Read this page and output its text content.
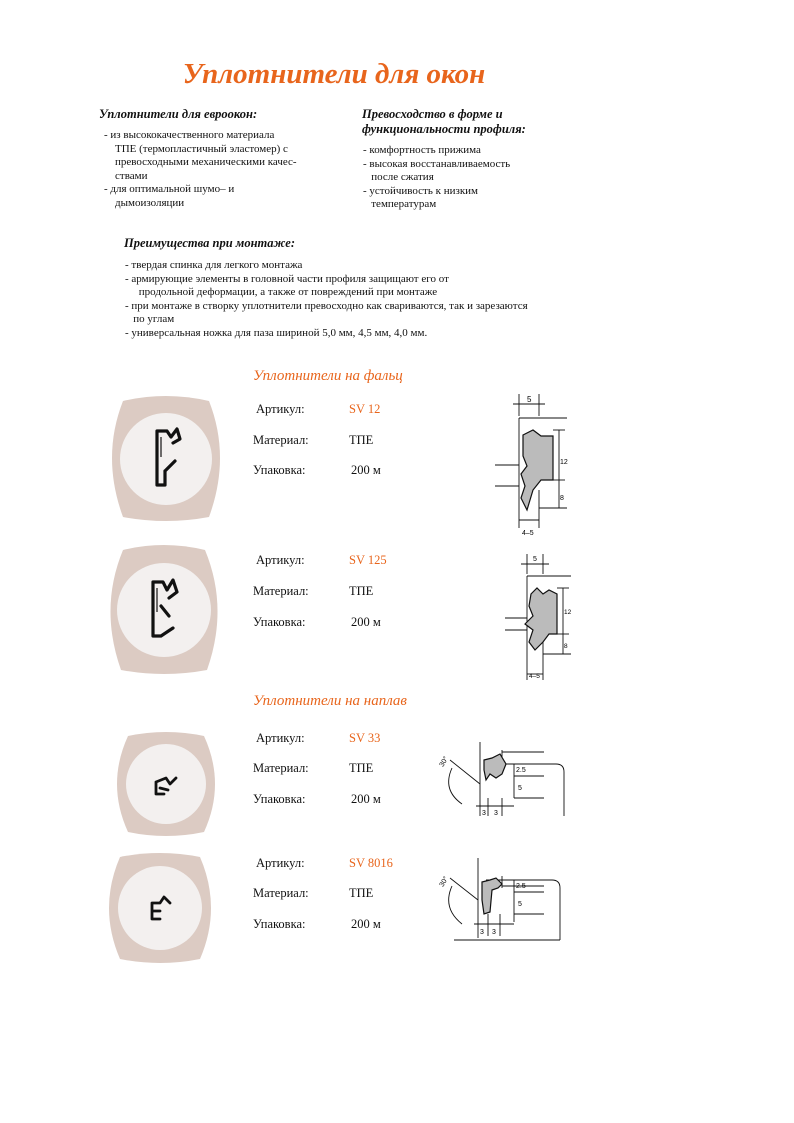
Уплотнители для окон
Уплотнители для евроокон:
- из высококачественного материала
ТПЕ (термопластичный эластомер) с
превосходными механическими качес-
ствами
- для оптимальной шумо– и
дымоизоляции
Превосходство в форме и
функциональности профиля:
- комфортность прижима
- высокая восстанавливаемость
после сжатия
- устойчивость к низким
температурам
Преимущества при монтаже:
- твердая спинка для легкого монтажа
- армирующие элементы в головной части профиля защищают его от
продольной деформации, а также от повреждений при монтаже
- при монтаже в створку уплотнители превосходно как свариваются, так и зарезаются
по углам
- универсальная ножка для паза шириной 5,0 мм, 4,5 мм, 4,0 мм.
Уплотнители на фальц
Артикул:	SV 12
Материал:	ТПЕ
Упаковка:	200 м
5
12
8
4–5
Артикул:	SV 125
Материал:	ТПЕ
Упаковка:	200 м
5
12
8
4–5
Уплотнители на наплав
Артикул:	SV 33
Материал:	ТПЕ
Упаковка:	200 м
30°
2.5
5
3 3
Артикул:	SV 8016
Материал:	ТПЕ
Упаковка:	200 м
30°	2.5
5
3 3
